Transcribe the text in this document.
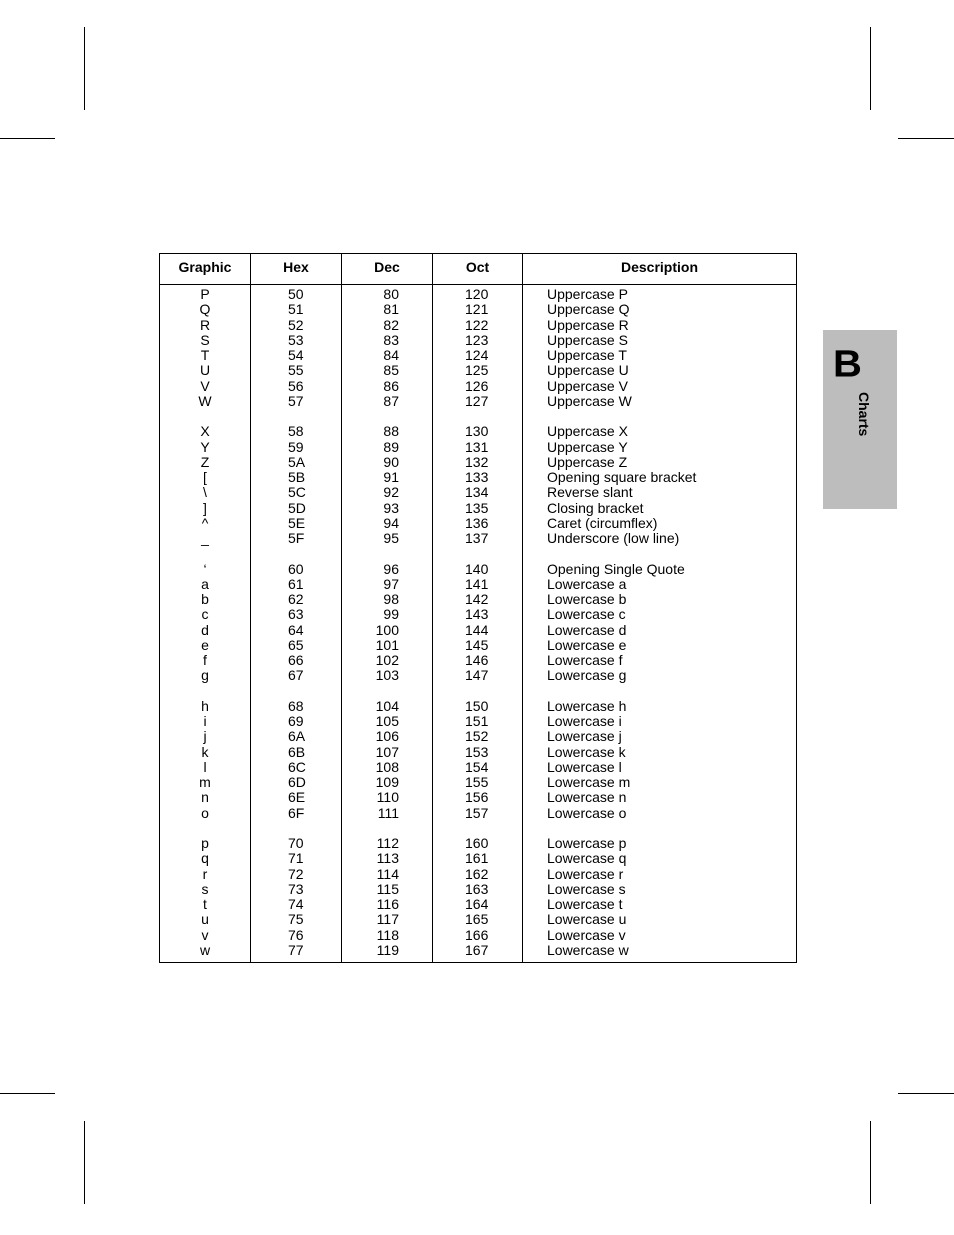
Graphic	Hex	Dec	Oct	Description
P	50	80	120	Uppercase P
Q	51	81	121	Uppercase Q
R	52	82	122	Uppercase R
S	53	83	123	Uppercase S
T	54	84	124	Uppercase T
U	55	85	125	Uppercase U
V	56	86	126	Uppercase V
W	57	87	127	Uppercase W
X	58	88	130	Uppercase X
Y	59	89	131	Uppercase Y
Z	5A	90	132	Uppercase Z
[	5B	91	133	Opening square bracket
\	5C	92	134	Reverse slant
]	5D	93	135	Closing bracket
^	5E	94	136	Caret (circumflex)
_	5F	95	137	Underscore (low line)
‘	60	96	140	Opening Single Quote
a	61	97	141	Lowercase a
b	62	98	142	Lowercase b
c	63	99	143	Lowercase c
d	64	100	144	Lowercase d
e	65	101	145	Lowercase e
f	66	102	146	Lowercase f
g	67	103	147	Lowercase g
h	68	104	150	Lowercase h
i	69	105	151	Lowercase i
j	6A	106	152	Lowercase j
k	6B	107	153	Lowercase k
l	6C	108	154	Lowercase l
m	6D	109	155	Lowercase m
n	6E	110	156	Lowercase n
o	6F	111	157	Lowercase o
p	70	112	160	Lowercase p
q	71	113	161	Lowercase q
r	72	114	162	Lowercase r
s	73	115	163	Lowercase s
t	74	116	164	Lowercase t
u	75	117	165	Lowercase u
v	76	118	166	Lowercase v
w	77	119	167	Lowercase w
B
Charts
